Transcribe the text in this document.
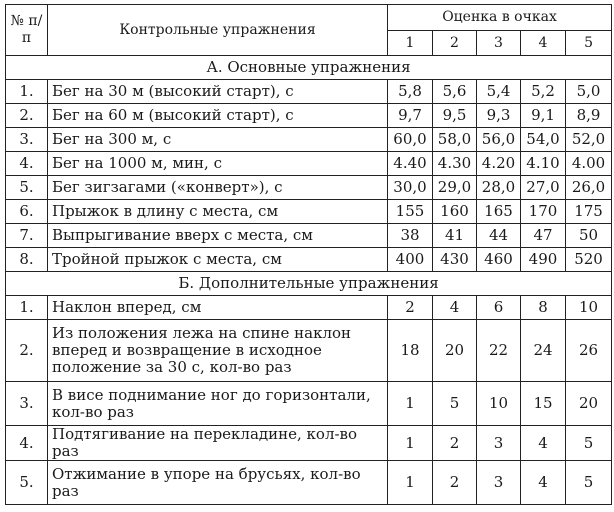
№ п/п	Контрольные упражнения	Оценка в очках				
		1	2	3	4	5
А. Основные упражнения						
1.	Бег на 30 м (высокий старт), с	5,8	5,6	5,4	5,2	5,0
2.	Бег на 60 м (высокий старт), с	9,7	9,5	9,3	9,1	8,9
3.	Бег на 300 м, с	60,0	58,0	56,0	54,0	52,0
4.	Бег на 1000 м, мин, с	4.40	4.30	4.20	4.10	4.00
5.	Бег зигзагами («конверт»), с	30,0	29,0	28,0	27,0	26,0
6.	Прыжок в длину с места, см	155	160	165	170	175
7.	Выпрыгивание вверх с места, см	38	41	44	47	50
8.	Тройной прыжок с места, см	400	430	460	490	520
Б. Дополнительные упражнения						
1.	Наклон вперед, см	2	4	6	8	10
2.	Из положения лежа на спине наклон вперед и возвращение в исходное положение за 30 с, кол-во раз	18	20	22	24	26
3.	В висе поднимание ног до горизонтали, кол-во раз	1	5	10	15	20
4.	Подтягивание на перекладине, кол-во раз	1	2	3	4	5
5.	Отжимание в упоре на брусьях, кол-во раз	1	2	3	4	5
